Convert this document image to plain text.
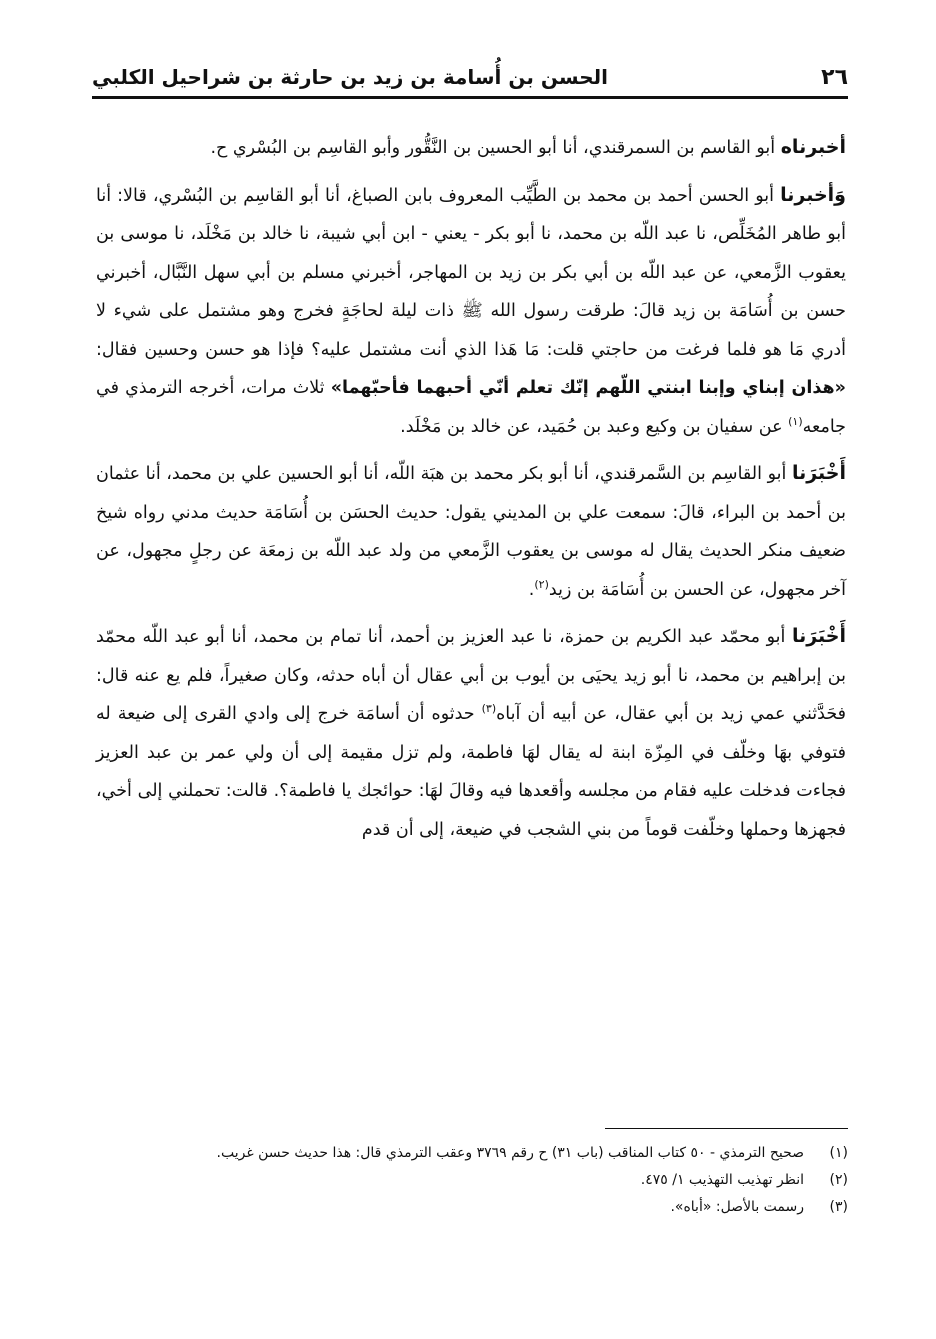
٢٦
الحسن بن أُسامة بن زيد بن حارثة بن شراحيل الكلبي

أخبرناه أبو القاسم بن السمرقندي، أنا أبو الحسين بن النَّقُّور وأبو القاسِم بن البُسْري ح.

وَأخبرنا أبو الحسن أحمد بن محمد بن الطَّيِّب المعروف بابن الصباغ، أنا أبو القاسِم بن البُسْري، قالا: أنا أبو طاهر المُخَلِّص، نا عبد اللّه بن محمد، نا أبو بكر - يعني - ابن أبي شيبة، نا خالد بن مَخْلَد، نا موسى بن يعقوب الزَّمعي، عن عبد اللّه بن أبي بكر بن زيد بن المهاجر، أخبرني مسلم بن أبي سهل النَّبَّال، أخبرني حسن بن أُسَامَة بن زيد قالَ: طرقت رسول الله ﷺ ذات ليلة لحاجَةٍ فخرج وهو مشتمل على شيء لا أدري مَا هو فلما فرغت من حاجتي قلت: مَا هَذا الذي أنت مشتمل عليه؟ فإذا هو حسن وحسين فقال: «هذان إبناي وإبنا ابنتي اللّهم إنّك تعلم أنّي أحبهما فأحبّهما» ثلاث مرات، أخرجه الترمذي في جامعه$^{(١)}$ عن سفيان بن وكيع وعبد بن حُمَيد، عن خالد بن مَخْلَد.

أَخْبَرَنا أبو القاسِم بن السَّمرقندي، أنا أبو بكر محمد بن هبَة اللّه، أنا أبو الحسين علي بن محمد، أنا عثمان بن أحمد بن البراء، قالَ: سمعت علي بن المديني يقول: حديث الحسَن بن أُسَامَة حديث مدني رواه شيخ ضعيف منكر الحديث يقال له موسى بن يعقوب الزَّمعي من ولد عبد اللّه بن زمعَة عن رجلٍ مجهول، عن آخر مجهول، عن الحسن بن أُسَامَة بن زيد$^{(٢)}$.

أَخْبَرَنا أبو محمّد عبد الكريم بن حمزة، نا عبد العزيز بن أحمد، أنا تمام بن محمد، أنا أبو عبد اللّه محمّد بن إبراهيم بن محمد، نا أبو زيد يحيَى بن أيوب بن أبي عقال أن أباه حدثه، وكان صغيراً، فلم يع عنه قال: فحَدَّثني عمي زيد بن أبي عقال، عن أبيه أن آباه$^{(٣)}$ حدثوه أن أسامَة خرج إلى وادي القرى إلى ضيعة له فتوفي بهَا وخلّف في المِزّة ابنة له يقال لهَا فاطمة، ولم تزل مقيمة إلى أن ولي عمر بن عبد العزيز فجاءت فدخلت عليه فقام من مجلسه وأقعدها فيه وقالَ لهَا: حوائجك يا فاطمة؟. قالت: تحملني إلى أخي، فجهزها وحملها وخلّفت قوماً من بني الشجب في ضيعة، إلى أن قدم

(١)
صحيح الترمذي - ٥٠ كتاب المناقب (باب ٣١) ح رقم ٣٧٦٩ وعقب الترمذي قال: هذا حديث حسن غريب.
(٢)
انظر تهذيب التهذيب ١/ ٤٧٥.
(٣)
رسمت بالأصل: «أباه».
